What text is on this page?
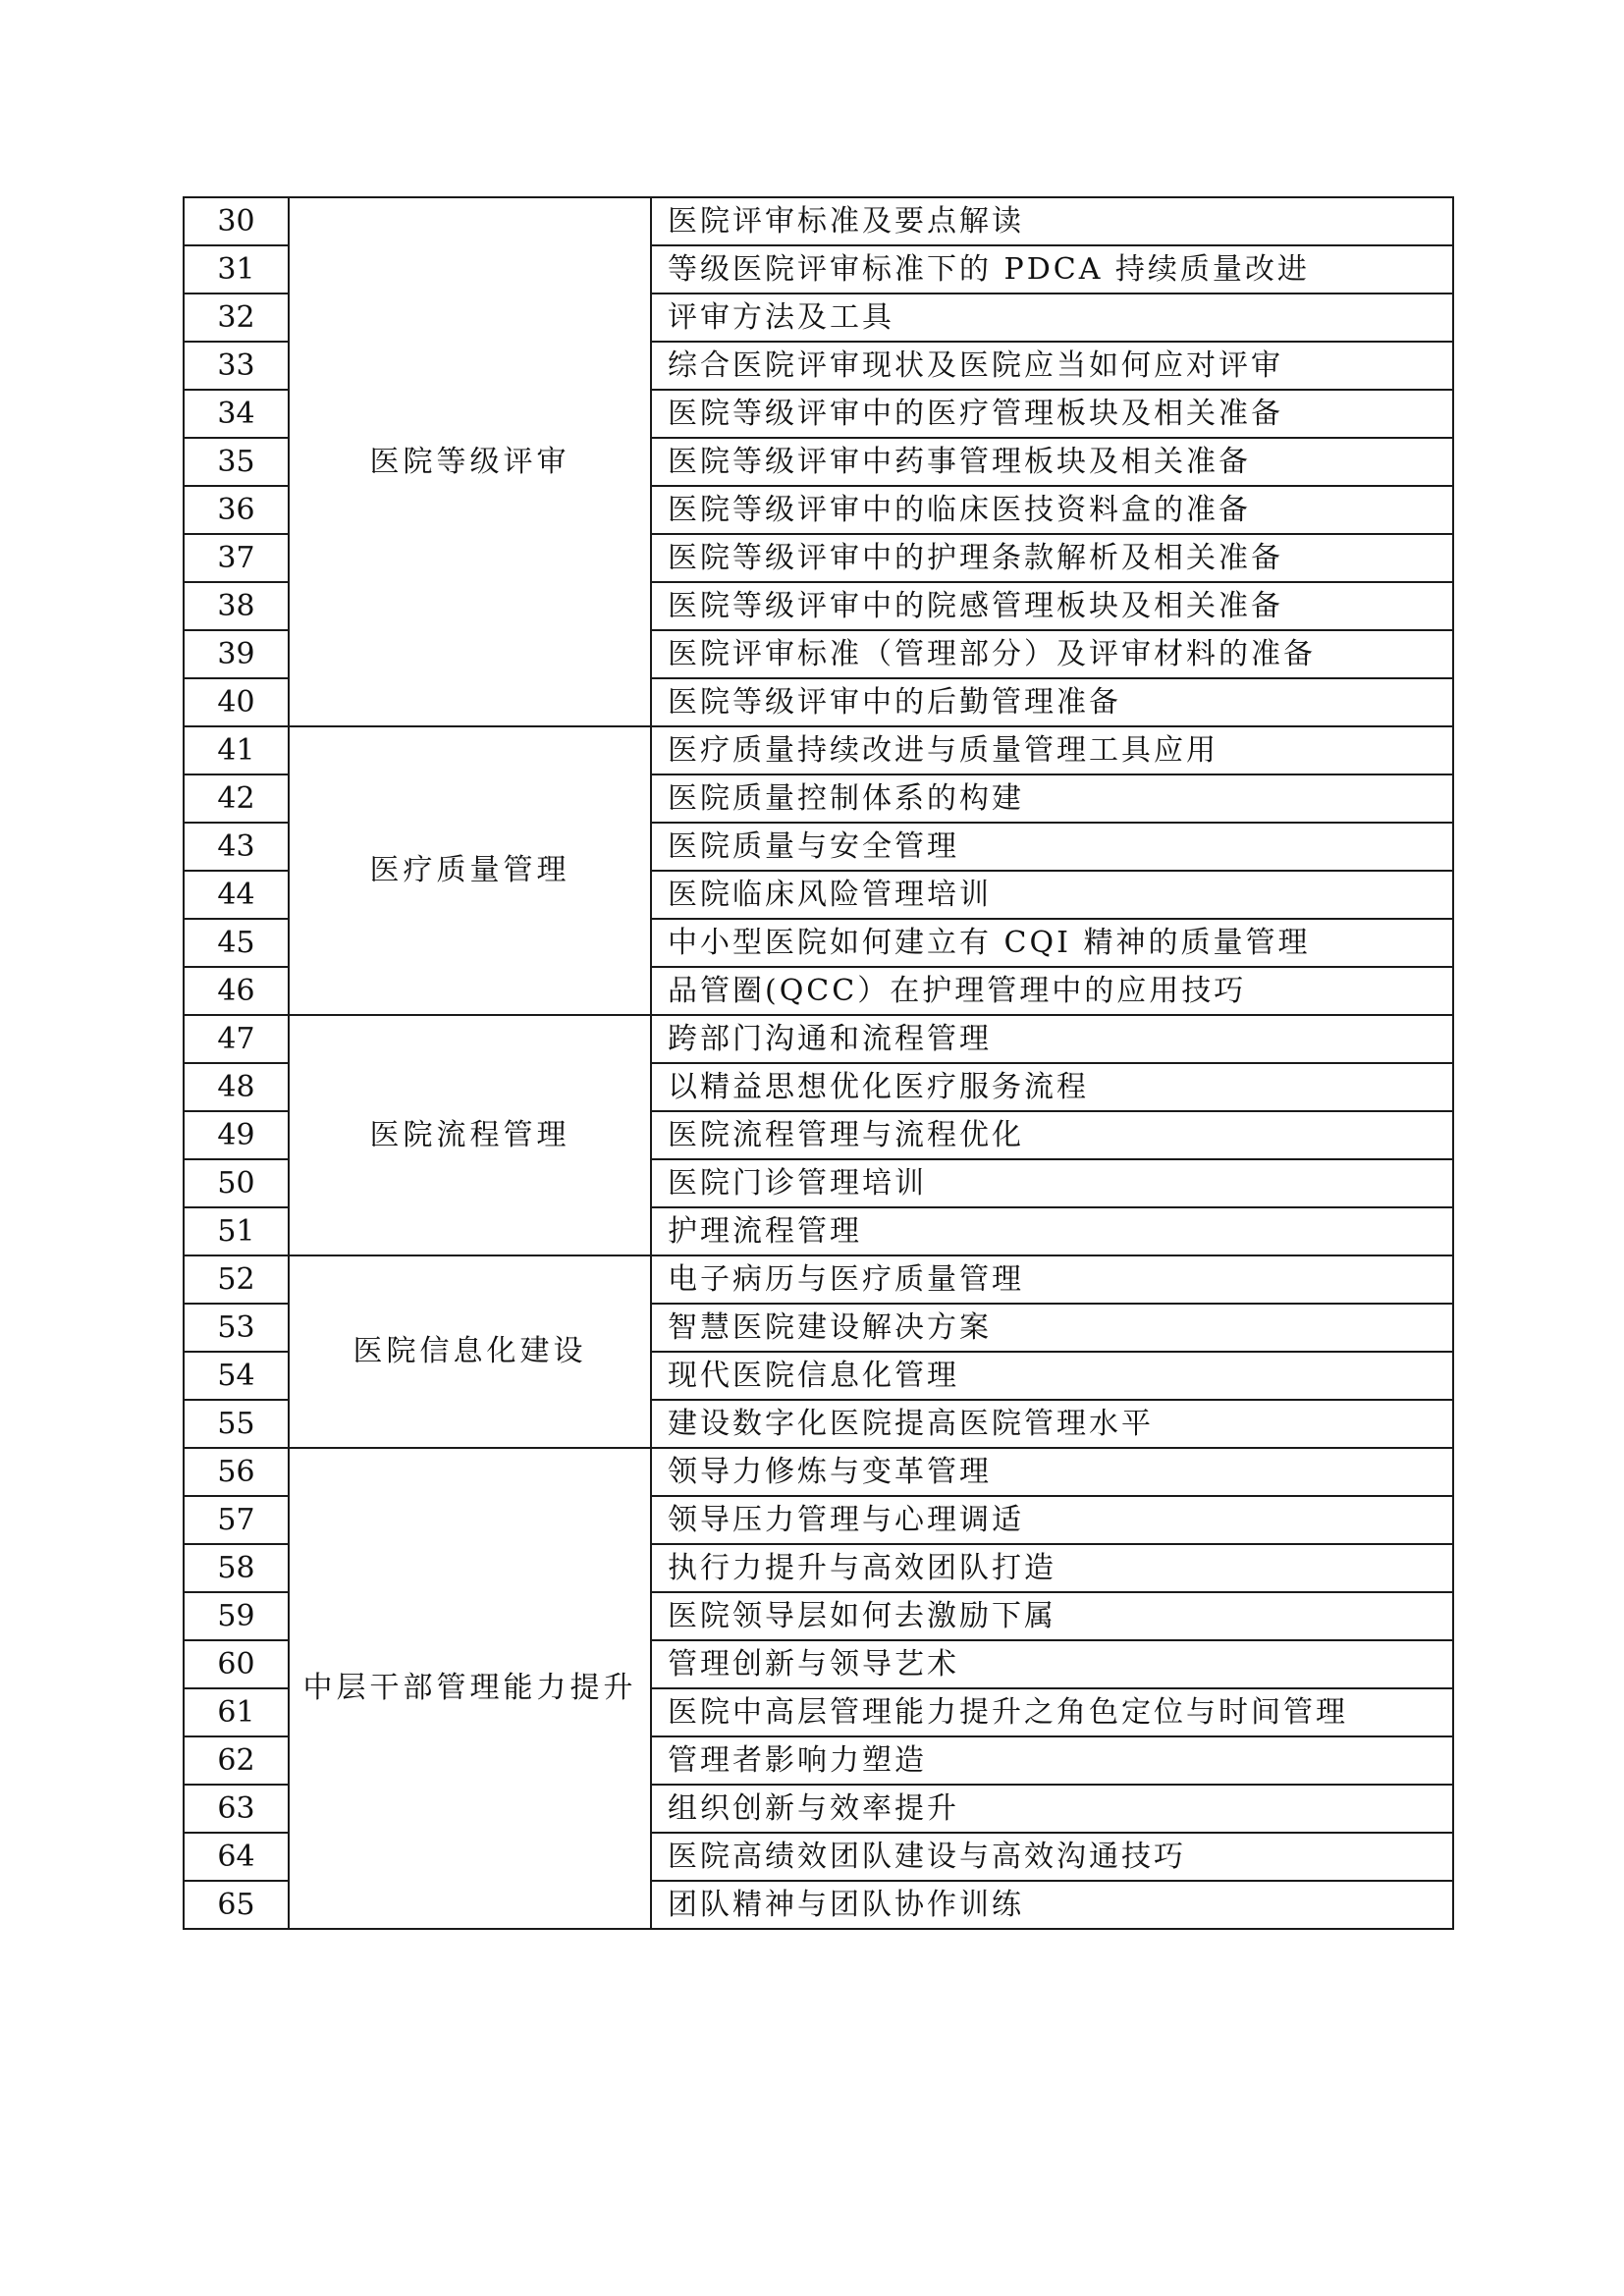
30	医院等级评审	医院评审标准及要点解读
31		等级医院评审标准下的 PDCA 持续质量改进
32		评审方法及工具
33		综合医院评审现状及医院应当如何应对评审
34		医院等级评审中的医疗管理板块及相关准备
35		医院等级评审中药事管理板块及相关准备
36		医院等级评审中的临床医技资料盒的准备
37		医院等级评审中的护理条款解析及相关准备
38		医院等级评审中的院感管理板块及相关准备
39		医院评审标准（管理部分）及评审材料的准备
40		医院等级评审中的后勤管理准备
41	医疗质量管理	医疗质量持续改进与质量管理工具应用
42		医院质量控制体系的构建
43		医院质量与安全管理
44		医院临床风险管理培训
45		中小型医院如何建立有 CQI 精神的质量管理
46		品管圈(QCC）在护理管理中的应用技巧
47	医院流程管理	跨部门沟通和流程管理
48		以精益思想优化医疗服务流程
49		医院流程管理与流程优化
50		医院门诊管理培训
51		护理流程管理
52	医院信息化建设	电子病历与医疗质量管理
53		智慧医院建设解决方案
54		现代医院信息化管理
55		建设数字化医院提高医院管理水平
56	中层干部管理能力提升	领导力修炼与变革管理
57		领导压力管理与心理调适
58		执行力提升与高效团队打造
59		医院领导层如何去激励下属
60		管理创新与领导艺术
61		医院中高层管理能力提升之角色定位与时间管理
62		管理者影响力塑造
63		组织创新与效率提升
64		医院高绩效团队建设与高效沟通技巧
65		团队精神与团队协作训练
